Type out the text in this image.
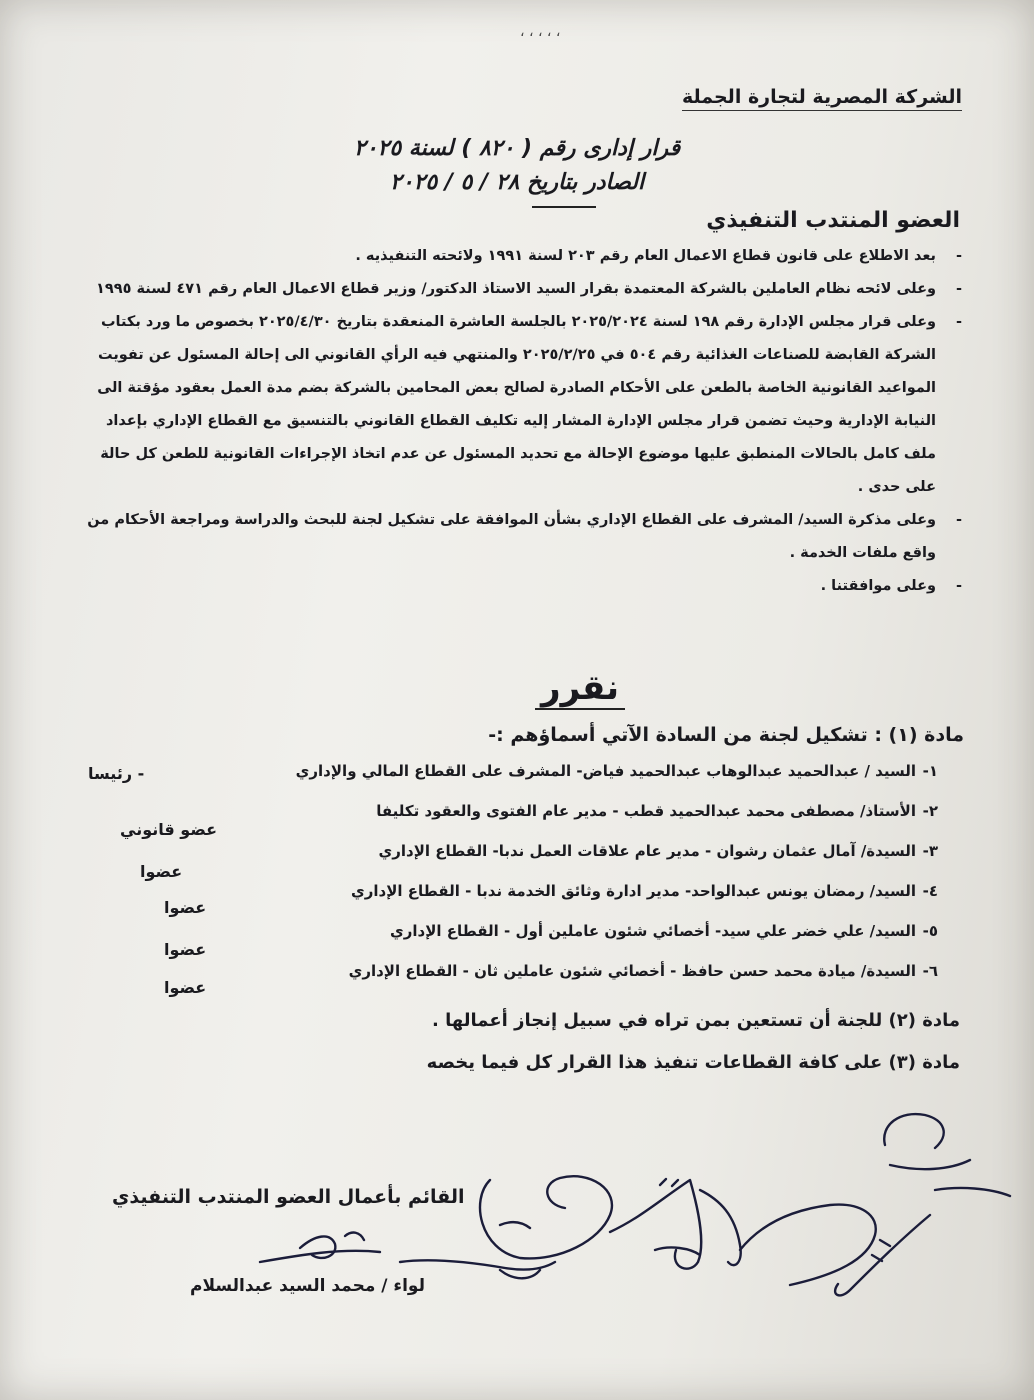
، ، ، ، ،
الشركة المصرية لتجارة الجملة
قرار إدارى رقم ( ٨٢٠ ) لسنة ٢٠٢٥
الصادر بتاريخ ٢٨ / ٥ / ٢٠٢٥
العضو المنتدب التنفيذي

-
بعد الاطلاع على قانون قطاع الاعمال العام رقم ٢٠٣ لسنة ١٩٩١ ولائحته التنفيذيه .

-
وعلى لائحه نظام العاملين بالشركة المعتمدة بقرار السيد الاستاذ الدكتور/ وزير قطاع الاعمال العام رقم ٤٧١ لسنة ١٩٩٥

-
وعلى قرار مجلس الإدارة رقم ١٩٨ لسنة ٢٠٢٥/٢٠٢٤ بالجلسة العاشرة المنعقدة بتاريخ ٢٠٢٥/٤/٣٠ بخصوص ما ورد بكتاب الشركة القابضة للصناعات الغذائية رقم ٥٠٤ في ٢٠٢٥/٢/٢٥ والمنتهي فيه الرأي القانوني الى إحالة المسئول عن تفويت المواعيد القانونية الخاصة بالطعن على الأحكام الصادرة لصالح بعض المحامين بالشركة بضم مدة العمل بعقود مؤقتة الى النيابة الإدارية وحيث تضمن قرار مجلس الإدارة المشار إليه تكليف القطاع القانوني بالتنسيق مع القطاع الإداري بإعداد ملف كامل بالحالات المنطبق عليها موضوع الإحالة مع تحديد المسئول عن عدم اتخاذ الإجراءات القانونية للطعن كل حالة على حدى .

-
وعلى مذكرة السيد/ المشرف على القطاع الإداري بشأن الموافقة على تشكيل لجنة للبحث والدراسة ومراجعة الأحكام من واقع ملفات الخدمة .

-
وعلى موافقتنا .

نقرر
مادة (١) : تشكيل لجنة من السادة الآتي أسماؤهم :-
١-
السيد / عبدالحميد عبدالوهاب عبدالحميد فياض- المشرف على القطاع المالي والإداري
- رئيسا
٢-
الأستاذ/ مصطفى محمد عبدالحميد قطب - مدير عام الفتوى والعقود تكليفا
عضو قانوني
٣-
السيدة/ آمال عثمان رشوان - مدير عام علاقات العمل ندبا- القطاع الإداري
عضوا
٤-
السيد/ رمضان يونس عبدالواحد- مدير ادارة وثائق الخدمة ندبا - القطاع الإداري
عضوا
٥-
السيد/ علي خضر علي سيد- أخصائي شئون عاملين أول - القطاع الإداري
عضوا
٦-
السيدة/ ميادة محمد حسن حافظ - أخصائي شئون عاملين ثان - القطاع الإداري
عضوا
مادة (٢) للجنة أن تستعين بمن تراه في سبيل إنجاز أعمالها .
مادة (٣) على كافة القطاعات تنفيذ هذا القرار كل فيما يخصه
القائم بأعمال العضو المنتدب التنفيذي
لواء / محمد السيد عبدالسلام
